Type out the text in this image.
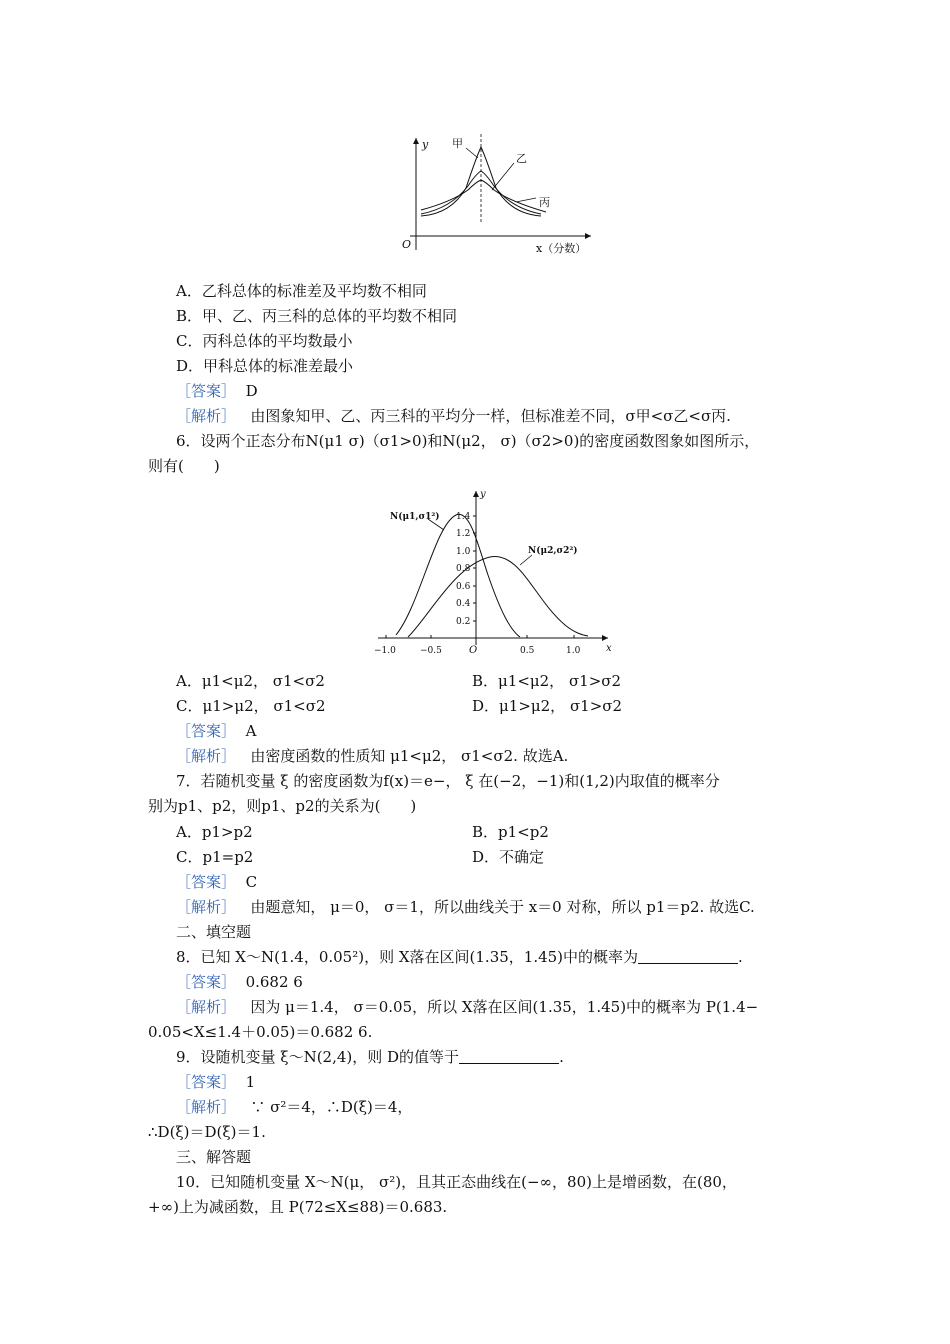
y
O	x（分数）
甲
乙
丙
A．乙科总体的标准差及平均数不相同
B．甲、乙、丙三科的总体的平均数不相同
C．丙科总体的平均数最小
D．甲科总体的标准差最小
［答案］ D
［解析］ 由图象知甲、乙、丙三科的平均分一样，但标准差不同，σ甲<σ乙<σ丙.
6．设两个正态分布N(μ1 σ)（σ1>0)和N(μ2， σ)（σ2>0)的密度函数图象如图所示，
则有(　　)
y
x
O
1.4
1.2
1.0
0.8
0.6
0.4
0.2
−1.0	−0.5	0.5	1.0
N(μ1,σ1²)
N(μ2,σ2²)
A．μ1<μ2， σ1<σ2	B．μ1<μ2， σ1>σ2
C．μ1>μ2， σ1<σ2	D．μ1>μ2， σ1>σ2
［答案］ A
［解析］ 由密度函数的性质知 μ1<μ2， σ1<σ2. 故选A.
7．若随机变量 ξ 的密度函数为f(x)＝e−， ξ 在(−2，−1)和(1,2)内取值的概率分
别为p1、p2，则p1、p2的关系为(　　)
A．p1>p2	B．p1<p2
C．p1=p2	D．不确定
［答案］ C
［解析］ 由题意知， μ＝0， σ＝1，所以曲线关于 x＝0 对称，所以 p1＝p2. 故选C.
二、填空题
8．已知 X～N(1.4，0.05²)，则 X落在区间(1.35，1.45)中的概率为	.
［答案］ 0.682 6
［解析］ 因为 μ＝1.4， σ＝0.05，所以 X落在区间(1.35，1.45)中的概率为 P(1.4−
0.05<X≤1.4＋0.05)＝0.682 6.
9．设随机变量 ξ～N(2,4)，则 D的值等于	.
［答案］ 1
［解析］ ∵ σ²＝4，∴D(ξ)＝4，
∴D(ξ)＝D(ξ)＝1.
三、解答题
10．已知随机变量 X～N(μ， σ²)，且其正态曲线在(−∞，80)上是增函数，在(80，
+∞)上为减函数，且 P(72≤X≤88)＝0.683.
